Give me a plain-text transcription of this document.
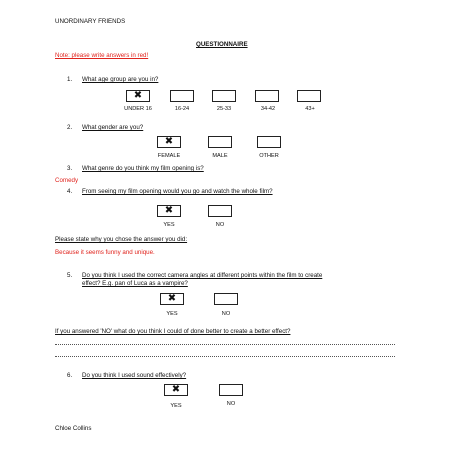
UNORDINARY FRIENDS
QUESTIONNAIRE
Note: please write answers in red!
1. What age group are you in?
✖
UNDER 16	16-24	25-33	34-42	43+
2. What gender are you?
✖
FEMALE	MALE	OTHER
3. What genre do you think my film opening is?
Comedy
4. From seeing my film opening would you go and watch the whole film?
✖
YES	NO
Please state why you chose the answer you did:
Because it seems funny and unique.
5. Do you think I used the correct camera angles at different points within the film to create
effect? E.g. pan of Luca as a vampire?
✖
YES	NO
If you answered 'NO' what do you think I could of done better to create a better effect?
6. Do you think I used sound effectively?
✖
YES	NO
Chloe Collins
